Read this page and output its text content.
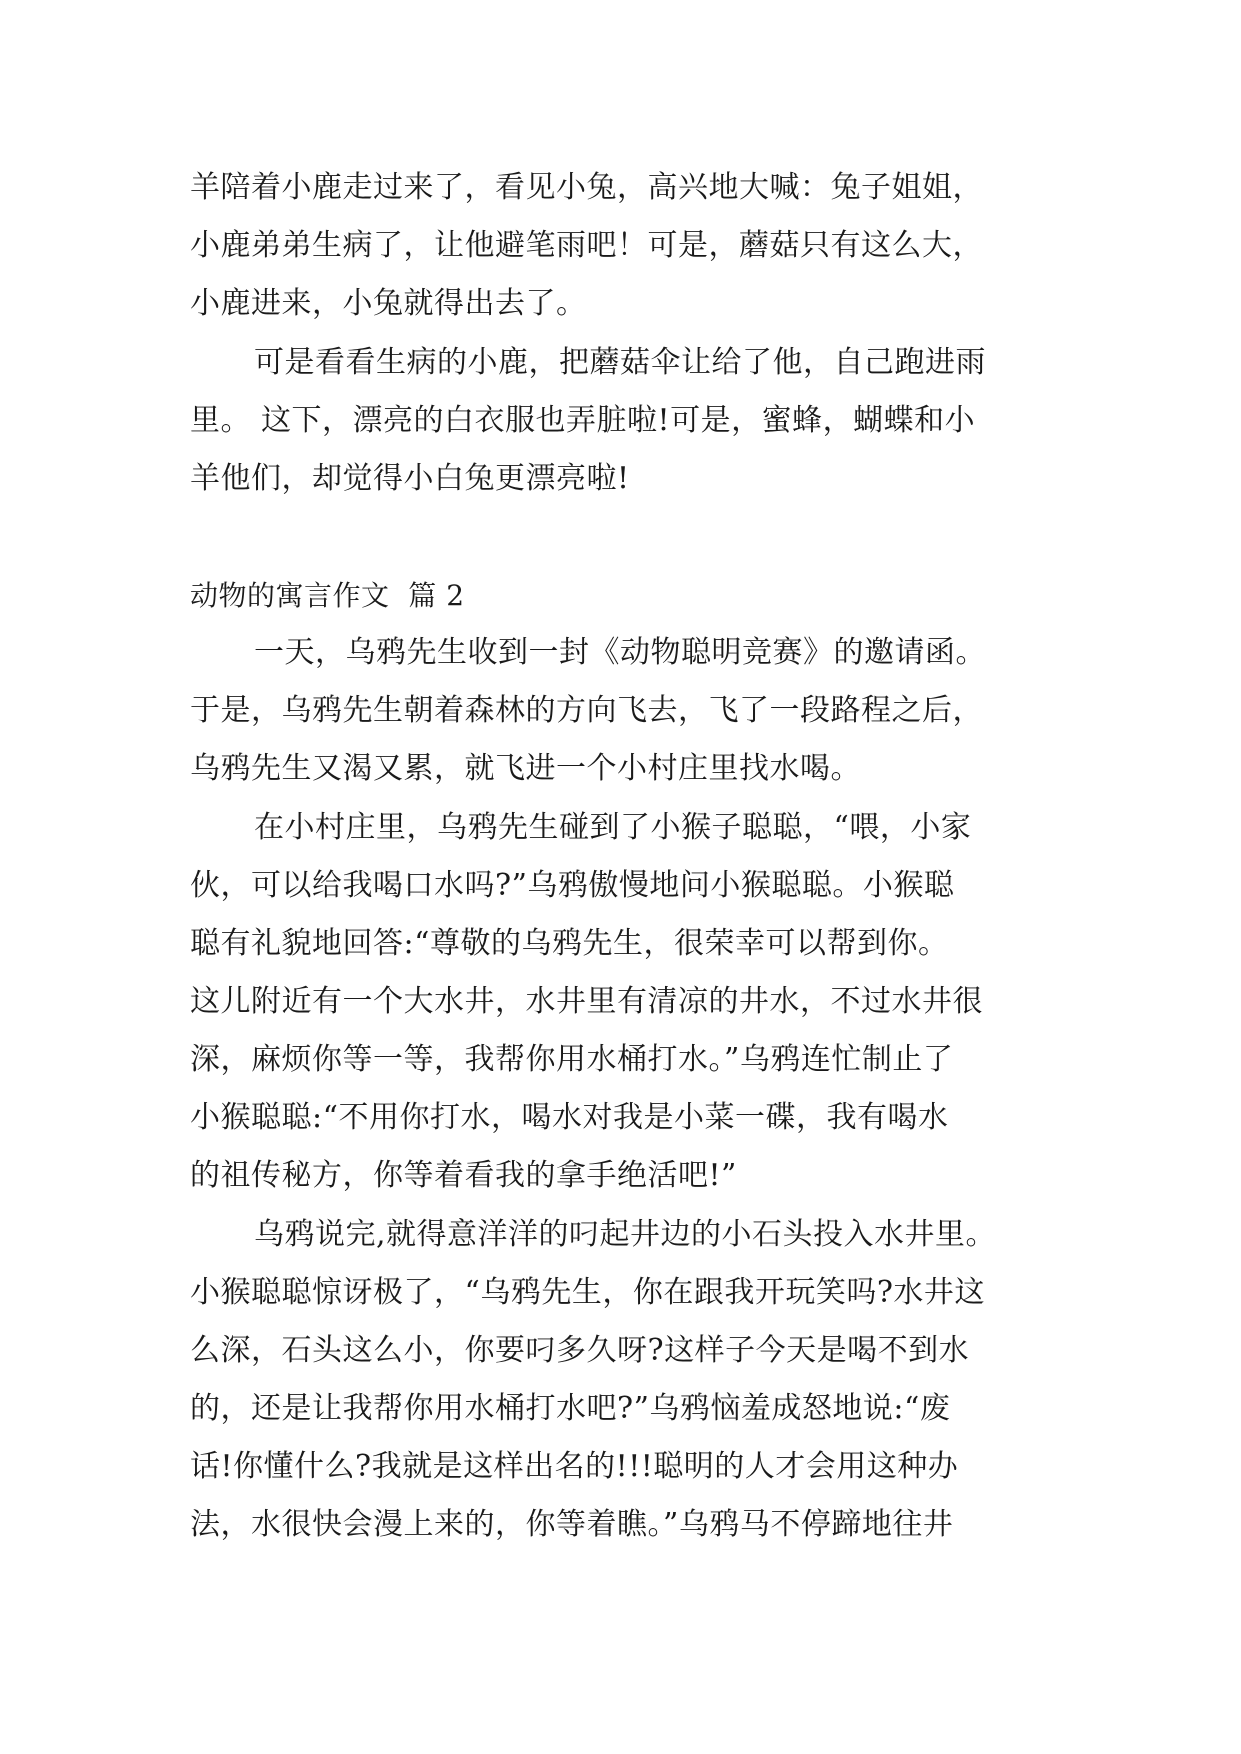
羊陪着小鹿走过来了，看见小兔，高兴地大喊：兔子姐姐，
小鹿弟弟生病了，让他避笔雨吧！可是，蘑菇只有这么大，
小鹿进来，小兔就得出去了。
可是看看生病的小鹿，把蘑菇伞让给了他，自己跑进雨
里。 这下，漂亮的白衣服也弄脏啦!可是，蜜蜂，蝴蝶和小
羊他们，却觉得小白兔更漂亮啦!
动物的寓言作文  篇 2
一天，乌鸦先生收到一封《动物聪明竞赛》的邀请函。
于是，乌鸦先生朝着森林的方向飞去，飞了一段路程之后，
乌鸦先生又渴又累，就飞进一个小村庄里找水喝。
在小村庄里，乌鸦先生碰到了小猴子聪聪，“喂，小家
伙，可以给我喝口水吗?”乌鸦傲慢地问小猴聪聪。小猴聪
聪有礼貌地回答:“尊敬的乌鸦先生，很荣幸可以帮到你。
这儿附近有一个大水井，水井里有清凉的井水，不过水井很
深，麻烦你等一等，我帮你用水桶打水。”乌鸦连忙制止了
小猴聪聪:“不用你打水，喝水对我是小菜一碟，我有喝水
的祖传秘方，你等着看我的拿手绝活吧!”
乌鸦说完,就得意洋洋的叼起井边的小石头投入水井里。
小猴聪聪惊讶极了，“乌鸦先生，你在跟我开玩笑吗?水井这
么深，石头这么小，你要叼多久呀?这样子今天是喝不到水
的，还是让我帮你用水桶打水吧?”乌鸦恼羞成怒地说:“废
话!你懂什么?我就是这样出名的!!!聪明的人才会用这种办
法，水很快会漫上来的，你等着瞧。”乌鸦马不停蹄地往井
